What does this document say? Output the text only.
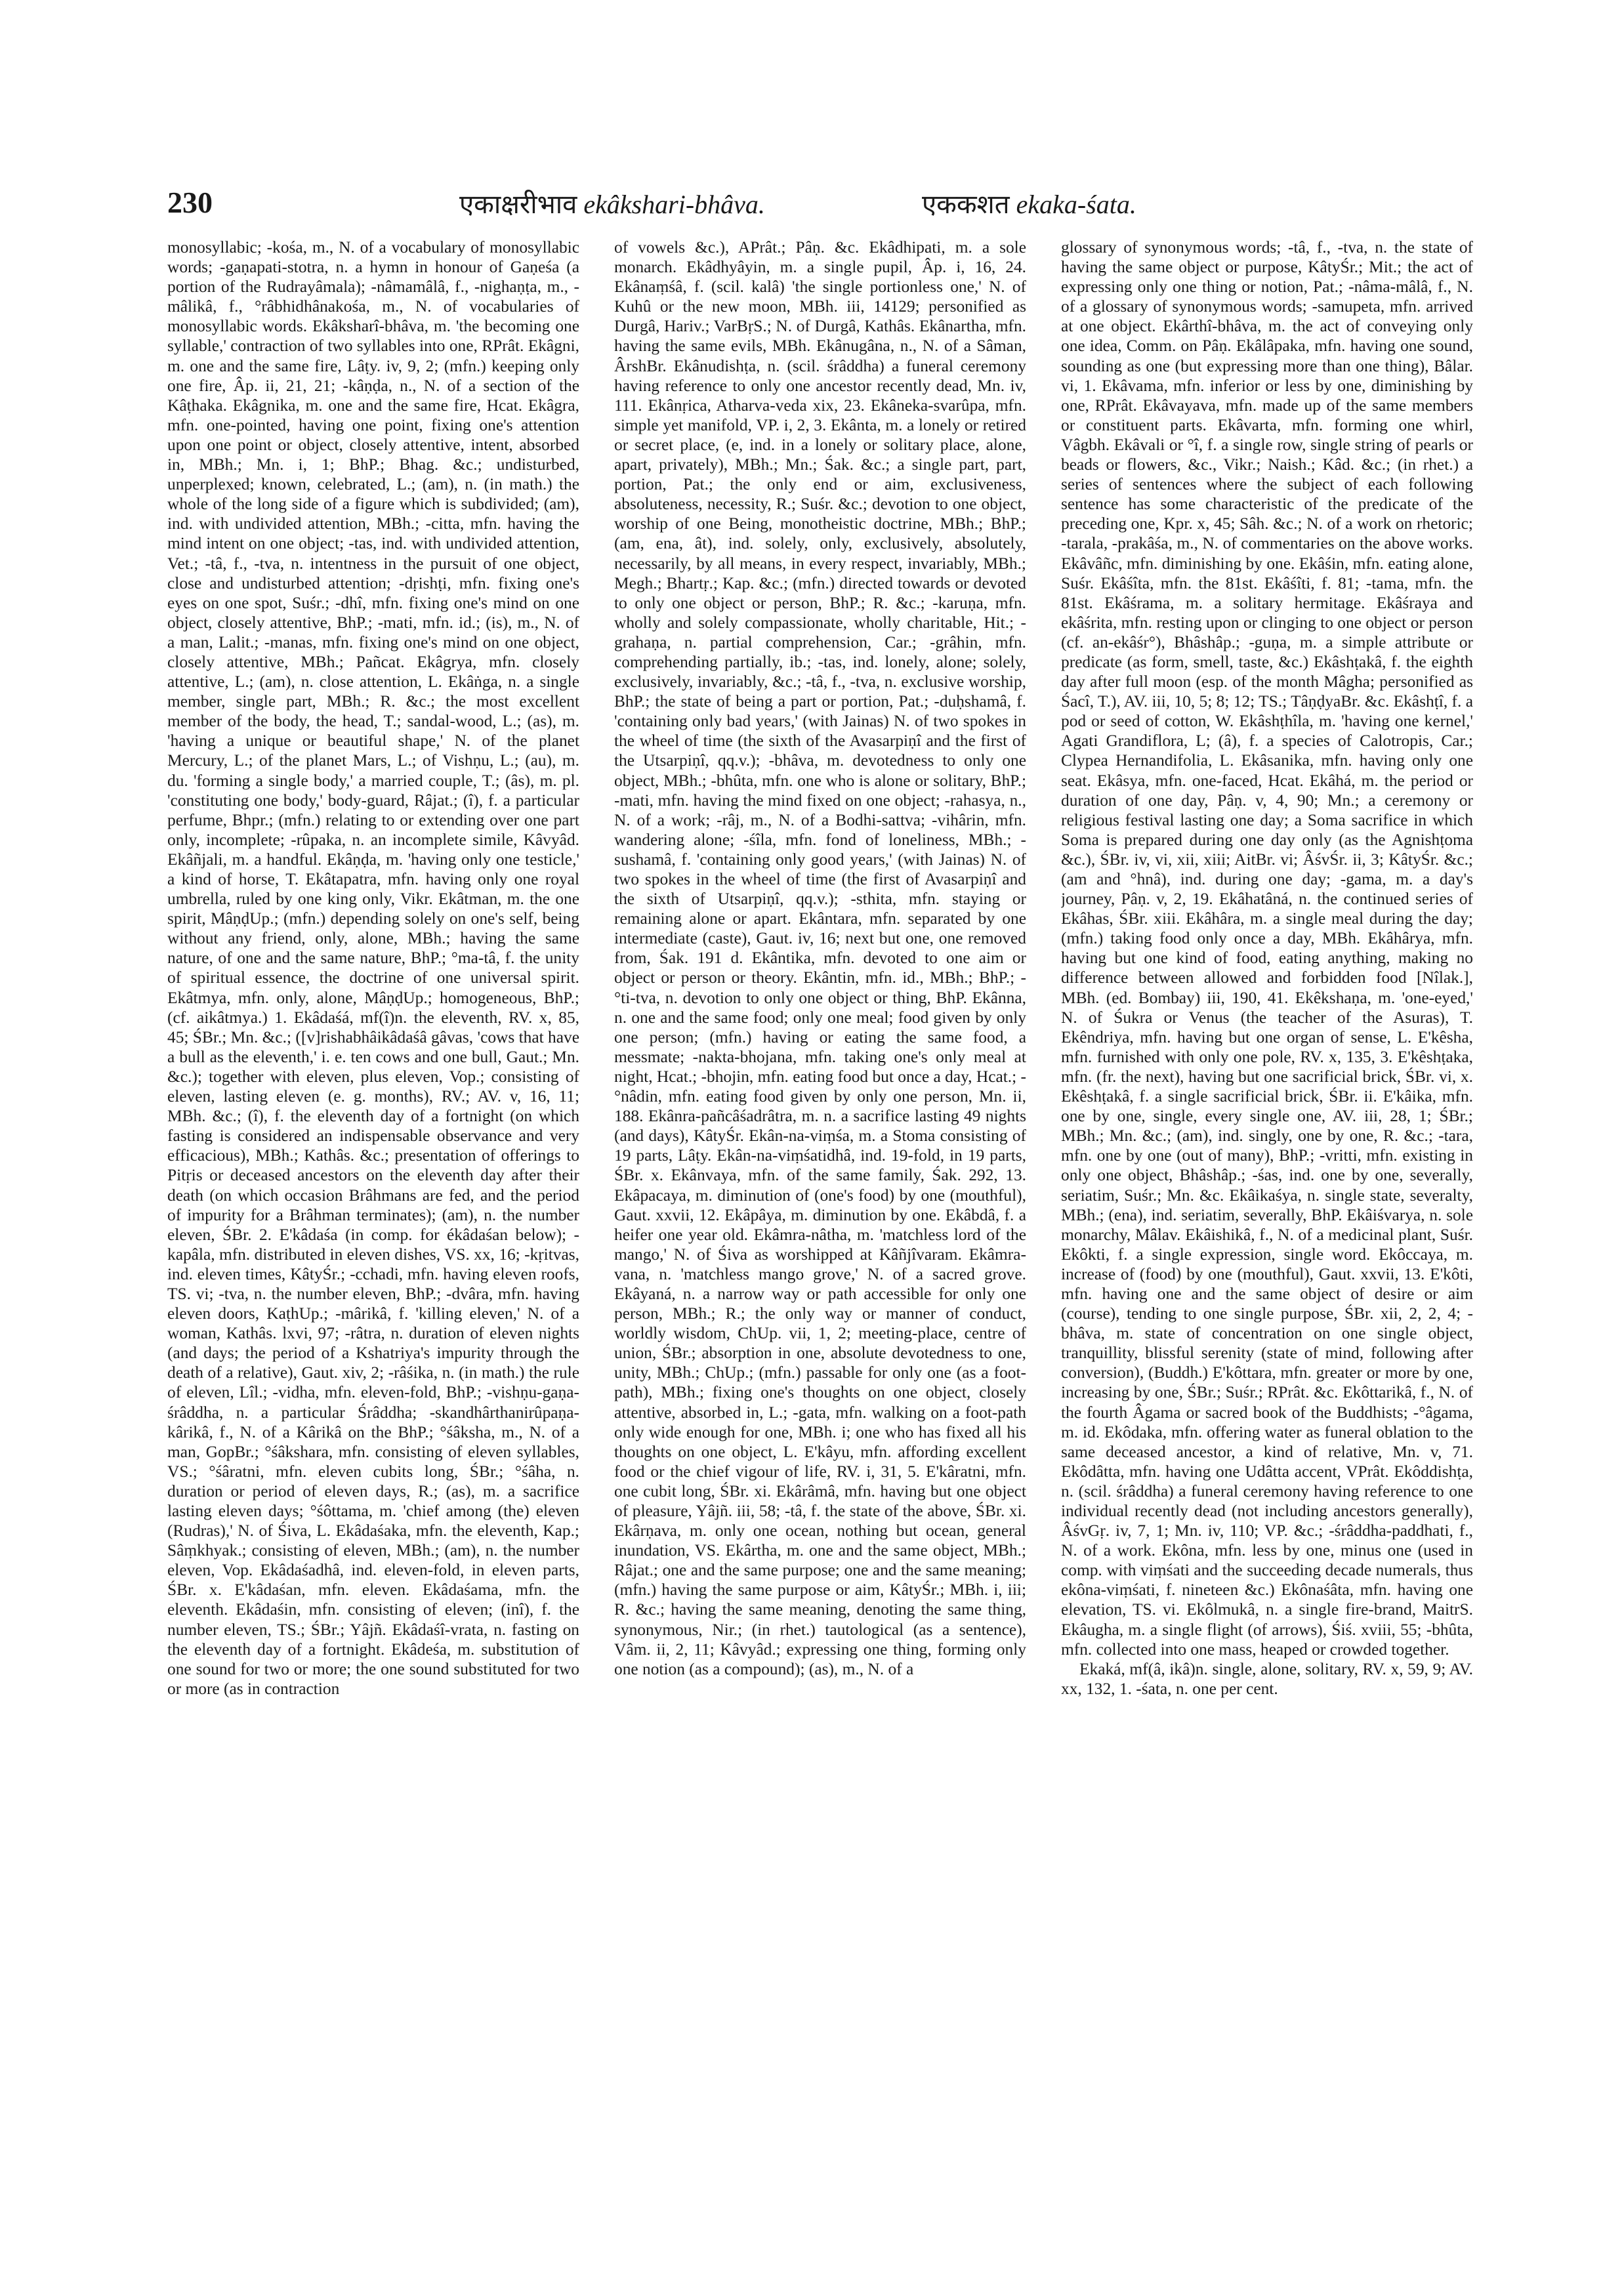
230	एकाक्षरीभाव ekâkshari-bhâva.	एककशत ekaka-śata.

monosyllabic; -kośa, m., N. of a vocabulary of monosyllabic words; -gaṇapati-stotra, n. a hymn in honour of Gaṇeśa (a portion of the Rudrayâmala); -nâmamâlâ, f., -nighaṇṭa, m., -mâlikâ, f., °râbhidhânakośa, m., N. of vocabularies of monosyllabic words. Ekâksharî-bhâva, m. 'the becoming one syllable,' contraction of two syllables into one, RPrât. Ekâgni, m. one and the same fire, Lâṭy. iv, 9, 2; (mfn.) keeping only one fire, Âp. ii, 21, 21; -kâṇḍa, n., N. of a section of the Kâṭhaka. Ekâgnika, m. one and the same fire, Hcat. Ekâgra, mfn. one-pointed, having one point, fixing one's attention upon one point or object, closely attentive, intent, absorbed in, MBh.; Mn. i, 1; BhP.; Bhag. &c.; undisturbed, unperplexed; known, celebrated, L.; (am), n. (in math.) the whole of the long side of a figure which is subdivided; (am), ind. with undivided attention, MBh.; -citta, mfn. having the mind intent on one object; -tas, ind. with undivided attention, Vet.; -tâ, f., -tva, n. intentness in the pursuit of one object, close and undisturbed attention; -dṛishṭi, mfn. fixing one's eyes on one spot, Suśr.; -dhî, mfn. fixing one's mind on one object, closely attentive, BhP.; -mati, mfn. id.; (is), m., N. of a man, Lalit.; -manas, mfn. fixing one's mind on one object, closely attentive, MBh.; Pañcat. Ekâgrya, mfn. closely attentive, L.; (am), n. close attention, L. Ekâṅga, n. a single member, single part, MBh.; R. &c.; the most excellent member of the body, the head, T.; sandal-wood, L.; (as), m. 'having a unique or beautiful shape,' N. of the planet Mercury, L.; of the planet Mars, L.; of Vishṇu, L.; (au), m. du. 'forming a single body,' a married couple, T.; (âs), m. pl. 'constituting one body,' body-guard, Râjat.; (î), f. a particular perfume, Bhpr.; (mfn.) relating to or extending over one part only, incomplete; -rûpaka, n. an incomplete simile, Kâvyâd. Ekâñjali, m. a handful. Ekâṇḍa, m. 'having only one testicle,' a kind of horse, T. Ekâtapatra, mfn. having only one royal umbrella, ruled by one king only, Vikr. Ekâtman, m. the one spirit, MâṇḍUp.; (mfn.) depending solely on one's self, being without any friend, only, alone, MBh.; having the same nature, of one and the same nature, BhP.; °ma-tâ, f. the unity of spiritual essence, the doctrine of one universal spirit. Ekâtmya, mfn. only, alone, MâṇḍUp.; homogeneous, BhP.; (cf. aikâtmya.) 1. Ekâdaśá, mf(î)n. the eleventh, RV. x, 85, 45; ŚBr.; Mn. &c.; ([v]rishabhâikâdaśâ gâvas, 'cows that have a bull as the eleventh,' i. e. ten cows and one bull, Gaut.; Mn. &c.); together with eleven, plus eleven, Vop.; consisting of eleven, lasting eleven (e. g. months), RV.; AV. v, 16, 11; MBh. &c.; (î), f. the eleventh day of a fortnight (on which fasting is considered an indispensable observance and very efficacious), MBh.; Kathâs. &c.; presentation of offerings to Pitṛis or deceased ancestors on the eleventh day after their death (on which occasion Brâhmans are fed, and the period of impurity for a Brâhman terminates); (am), n. the number eleven, ŚBr. 2. E'kâdaśa (in comp. for ékâdaśan below); -kapâla, mfn. distributed in eleven dishes, VS. xx, 16; -kṛitvas, ind. eleven times, KâtyŚr.; -cchadi, mfn. having eleven roofs, TS. vi; -tva, n. the number eleven, BhP.; -dvâra, mfn. having eleven doors, KaṭhUp.; -mârikâ, f. 'killing eleven,' N. of a woman, Kathâs. lxvi, 97; -râtra, n. duration of eleven nights (and days; the period of a Kshatriya's impurity through the death of a relative), Gaut. xiv, 2; -râśika, n. (in math.) the rule of eleven, Lîl.; -vidha, mfn. eleven-fold, BhP.; -vishṇu-gaṇa-śrâddha, n. a particular Śrâddha; -skandhârthanirûpaṇa-kârikâ, f., N. of a Kârikâ on the BhP.; °śâksha, m., N. of a man, GopBr.; °śâkshara, mfn. consisting of eleven syllables, VS.; °śâratni, mfn. eleven cubits long, ŚBr.; °śâha, n. duration or period of eleven days, R.; (as), m. a sacrifice lasting eleven days; °śôttama, m. 'chief among (the) eleven (Rudras),' N. of Śiva, L. Ekâdaśaka, mfn. the eleventh, Kap.; Sâṃkhyak.; consisting of eleven, MBh.; (am), n. the number eleven, Vop. Ekâdaśadhâ, ind. eleven-fold, in eleven parts, ŚBr. x. E'kâdaśan, mfn. eleven. Ekâdaśama, mfn. the eleventh. Ekâdaśin, mfn. consisting of eleven; (inî), f. the number eleven, TS.; ŚBr.; Yâjñ. Ekâdaśî-vrata, n. fasting on the eleventh day of a fortnight. Ekâdeśa, m. substitution of one sound for two or more; the one sound substituted for two or more (as in contraction

of vowels &c.), APrât.; Pâṇ. &c. Ekâdhipati, m. a sole monarch. Ekâdhyâyin, m. a single pupil, Âp. i, 16, 24. Ekânaṃśâ, f. (scil. kalâ) 'the single portionless one,' N. of Kuhû or the new moon, MBh. iii, 14129; personified as Durgâ, Hariv.; VarBṛS.; N. of Durgâ, Kathâs. Ekânartha, mfn. having the same evils, MBh. Ekânugâna, n., N. of a Sâman, ÂrshBr. Ekânudishṭa, n. (scil. śrâddha) a funeral ceremony having reference to only one ancestor recently dead, Mn. iv, 111. Ekânṛica, Atharva-veda xix, 23. Ekâneka-svarûpa, mfn. simple yet manifold, VP. i, 2, 3. Ekânta, m. a lonely or retired or secret place, (e, ind. in a lonely or solitary place, alone, apart, privately), MBh.; Mn.; Śak. &c.; a single part, part, portion, Pat.; the only end or aim, exclusiveness, absoluteness, necessity, R.; Suśr. &c.; devotion to one object, worship of one Being, monotheistic doctrine, MBh.; BhP.; (am, ena, ât), ind. solely, only, exclusively, absolutely, necessarily, by all means, in every respect, invariably, MBh.; Megh.; Bhartṛ.; Kap. &c.; (mfn.) directed towards or devoted to only one object or person, BhP.; R. &c.; -karuṇa, mfn. wholly and solely compassionate, wholly charitable, Hit.; -grahaṇa, n. partial comprehension, Car.; -grâhin, mfn. comprehending partially, ib.; -tas, ind. lonely, alone; solely, exclusively, invariably, &c.; -tâ, f., -tva, n. exclusive worship, BhP.; the state of being a part or portion, Pat.; -duḥshamâ, f. 'containing only bad years,' (with Jainas) N. of two spokes in the wheel of time (the sixth of the Avasarpiṇî and the first of the Utsarpiṇî, qq.v.); -bhâva, m. devotedness to only one object, MBh.; -bhûta, mfn. one who is alone or solitary, BhP.; -mati, mfn. having the mind fixed on one object; -rahasya, n., N. of a work; -râj, m., N. of a Bodhi-sattva; -vihârin, mfn. wandering alone; -śîla, mfn. fond of loneliness, MBh.; -sushamâ, f. 'containing only good years,' (with Jainas) N. of two spokes in the wheel of time (the first of Avasarpiṇî and the sixth of Utsarpiṇî, qq.v.); -sthita, mfn. staying or remaining alone or apart. Ekântara, mfn. separated by one intermediate (caste), Gaut. iv, 16; next but one, one removed from, Śak. 191 d. Ekântika, mfn. devoted to one aim or object or person or theory. Ekântin, mfn. id., MBh.; BhP.; -°ti-tva, n. devotion to only one object or thing, BhP. Ekânna, n. one and the same food; only one meal; food given by only one person; (mfn.) having or eating the same food, a messmate; -nakta-bhojana, mfn. taking one's only meal at night, Hcat.; -bhojin, mfn. eating food but once a day, Hcat.; -°nâdin, mfn. eating food given by only one person, Mn. ii, 188. Ekânra-pañcâśadrâtra, m. n. a sacrifice lasting 49 nights (and days), KâtyŚr. Ekân-na-viṃśa, m. a Stoma consisting of 19 parts, Lâṭy. Ekân-na-viṃśatidhâ, ind. 19-fold, in 19 parts, ŚBr. x. Ekânvaya, mfn. of the same family, Śak. 292, 13. Ekâpacaya, m. diminution of (one's food) by one (mouthful), Gaut. xxvii, 12. Ekâpâya, m. diminution by one. Ekâbdâ, f. a heifer one year old. Ekâmra-nâtha, m. 'matchless lord of the mango,' N. of Śiva as worshipped at Kâñjîvaram. Ekâmra-vana, n. 'matchless mango grove,' N. of a sacred grove. Ekâyaná, n. a narrow way or path accessible for only one person, MBh.; R.; the only way or manner of conduct, worldly wisdom, ChUp. vii, 1, 2; meeting-place, centre of union, ŚBr.; absorption in one, absolute devotedness to one, unity, MBh.; ChUp.; (mfn.) passable for only one (as a foot-path), MBh.; fixing one's thoughts on one object, closely attentive, absorbed in, L.; -gata, mfn. walking on a foot-path only wide enough for one, MBh. i; one who has fixed all his thoughts on one object, L. E'kâyu, mfn. affording excellent food or the chief vigour of life, RV. i, 31, 5. E'kâratni, mfn. one cubit long, ŚBr. xi. Ekârâmâ, mfn. having but one object of pleasure, Yâjñ. iii, 58; -tâ, f. the state of the above, ŚBr. xi. Ekârṇava, m. only one ocean, nothing but ocean, general inundation, VS. Ekârtha, m. one and the same object, MBh.; Râjat.; one and the same purpose; one and the same meaning; (mfn.) having the same purpose or aim, KâtyŚr.; MBh. i, iii; R. &c.; having the same meaning, denoting the same thing, synonymous, Nir.; (in rhet.) tautological (as a sentence), Vâm. ii, 2, 11; Kâvyâd.; expressing one thing, forming only one notion (as a compound); (as), m., N. of a

glossary of synonymous words; -tâ, f., -tva, n. the state of having the same object or purpose, KâtyŚr.; Mit.; the act of expressing only one thing or notion, Pat.; -nâma-mâlâ, f., N. of a glossary of synonymous words; -samupeta, mfn. arrived at one object. Ekârthî-bhâva, m. the act of conveying only one idea, Comm. on Pâṇ. Ekâlâpaka, mfn. having one sound, sounding as one (but expressing more than one thing), Bâlar. vi, 1. Ekâvama, mfn. inferior or less by one, diminishing by one, RPrât. Ekâvayava, mfn. made up of the same members or constituent parts. Ekâvarta, mfn. forming one whirl, Vâgbh. Ekâvali or °î, f. a single row, single string of pearls or beads or flowers, &c., Vikr.; Naish.; Kâd. &c.; (in rhet.) a series of sentences where the subject of each following sentence has some characteristic of the predicate of the preceding one, Kpr. x, 45; Sâh. &c.; N. of a work on rhetoric; -tarala, -prakâśa, m., N. of commentaries on the above works. Ekâvâñc, mfn. diminishing by one. Ekâśin, mfn. eating alone, Suśr. Ekâśîta, mfn. the 81st. Ekâśîti, f. 81; -tama, mfn. the 81st. Ekâśrama, m. a solitary hermitage. Ekâśraya and ekâśrita, mfn. resting upon or clinging to one object or person (cf. an-ekâśr°), Bhâshâp.; -guṇa, m. a simple attribute or predicate (as form, smell, taste, &c.) Ekâshṭakâ, f. the eighth day after full moon (esp. of the month Mâgha; personified as Śacî, T.), AV. iii, 10, 5; 8; 12; TS.; TâṇḍyaBr. &c. Ekâshṭî, f. a pod or seed of cotton, W. Ekâshṭhîla, m. 'having one kernel,' Agati Grandiflora, L; (â), f. a species of Calotropis, Car.; Clypea Hernandifolia, L. Ekâsanika, mfn. having only one seat. Ekâsya, mfn. one-faced, Hcat. Ekâhá, m. the period or duration of one day, Pâṇ. v, 4, 90; Mn.; a ceremony or religious festival lasting one day; a Soma sacrifice in which Soma is prepared during one day only (as the Agnishṭoma &c.), ŚBr. iv, vi, xii, xiii; AitBr. vi; ÂśvŚr. ii, 3; KâtyŚr. &c.; (am and °hnâ), ind. during one day; -gama, m. a day's journey, Pâṇ. v, 2, 19. Ekâhatâná, n. the continued series of Ekâhas, ŚBr. xiii. Ekâhâra, m. a single meal during the day; (mfn.) taking food only once a day, MBh. Ekâhârya, mfn. having but one kind of food, eating anything, making no difference between allowed and forbidden food [Nîlak.], MBh. (ed. Bombay) iii, 190, 41. Ekêkshaṇa, m. 'one-eyed,' N. of Śukra or Venus (the teacher of the Asuras), T. Ekêndriya, mfn. having but one organ of sense, L. E'kêsha, mfn. furnished with only one pole, RV. x, 135, 3. E'kêshṭaka, mfn. (fr. the next), having but one sacrificial brick, ŚBr. vi, x. Ekêshṭakâ, f. a single sacrificial brick, ŚBr. ii. E'kâika, mfn. one by one, single, every single one, AV. iii, 28, 1; ŚBr.; MBh.; Mn. &c.; (am), ind. singly, one by one, R. &c.; -tara, mfn. one by one (out of many), BhP.; -vritti, mfn. existing in only one object, Bhâshâp.; -śas, ind. one by one, severally, seriatim, Suśr.; Mn. &c. Ekâikaśya, n. single state, severalty, MBh.; (ena), ind. seriatim, severally, BhP. Ekâiśvarya, n. sole monarchy, Mâlav. Ekâishikâ, f., N. of a medicinal plant, Suśr. Ekôkti, f. a single expression, single word. Ekôccaya, m. increase of (food) by one (mouthful), Gaut. xxvii, 13. E'kôti, mfn. having one and the same object of desire or aim (course), tending to one single purpose, ŚBr. xii, 2, 2, 4; -bhâva, m. state of concentration on one single object, tranquillity, blissful serenity (state of mind, following after conversion), (Buddh.) E'kôttara, mfn. greater or more by one, increasing by one, ŚBr.; Suśr.; RPrât. &c. Ekôttarikâ, f., N. of the fourth Âgama or sacred book of the Buddhists; -°âgama, m. id. Ekôdaka, mfn. offering water as funeral oblation to the same deceased ancestor, a kind of relative, Mn. v, 71. Ekôdâtta, mfn. having one Udâtta accent, VPrât. Ekôddishṭa, n. (scil. śrâddha) a funeral ceremony having reference to one individual recently dead (not including ancestors generally), ÂśvGṛ. iv, 7, 1; Mn. iv, 110; VP. &c.; -śrâddha-paddhati, f., N. of a work. Ekôna, mfn. less by one, minus one (used in comp. with viṃśati and the succeeding decade numerals, thus ekôna-viṃśati, f. nineteen &c.) Ekônaśâta, mfn. having one elevation, TS. vi. Ekôlmukâ, n. a single fire-brand, MaitrS. Ekâugha, m. a single flight (of arrows), Śiś. xviii, 55; -bhûta, mfn. collected into one mass, heaped or crowded together.

Ekaká, mf(â, ikâ)n. single, alone, solitary, RV. x, 59, 9; AV. xx, 132, 1. -śata, n. one per cent.
